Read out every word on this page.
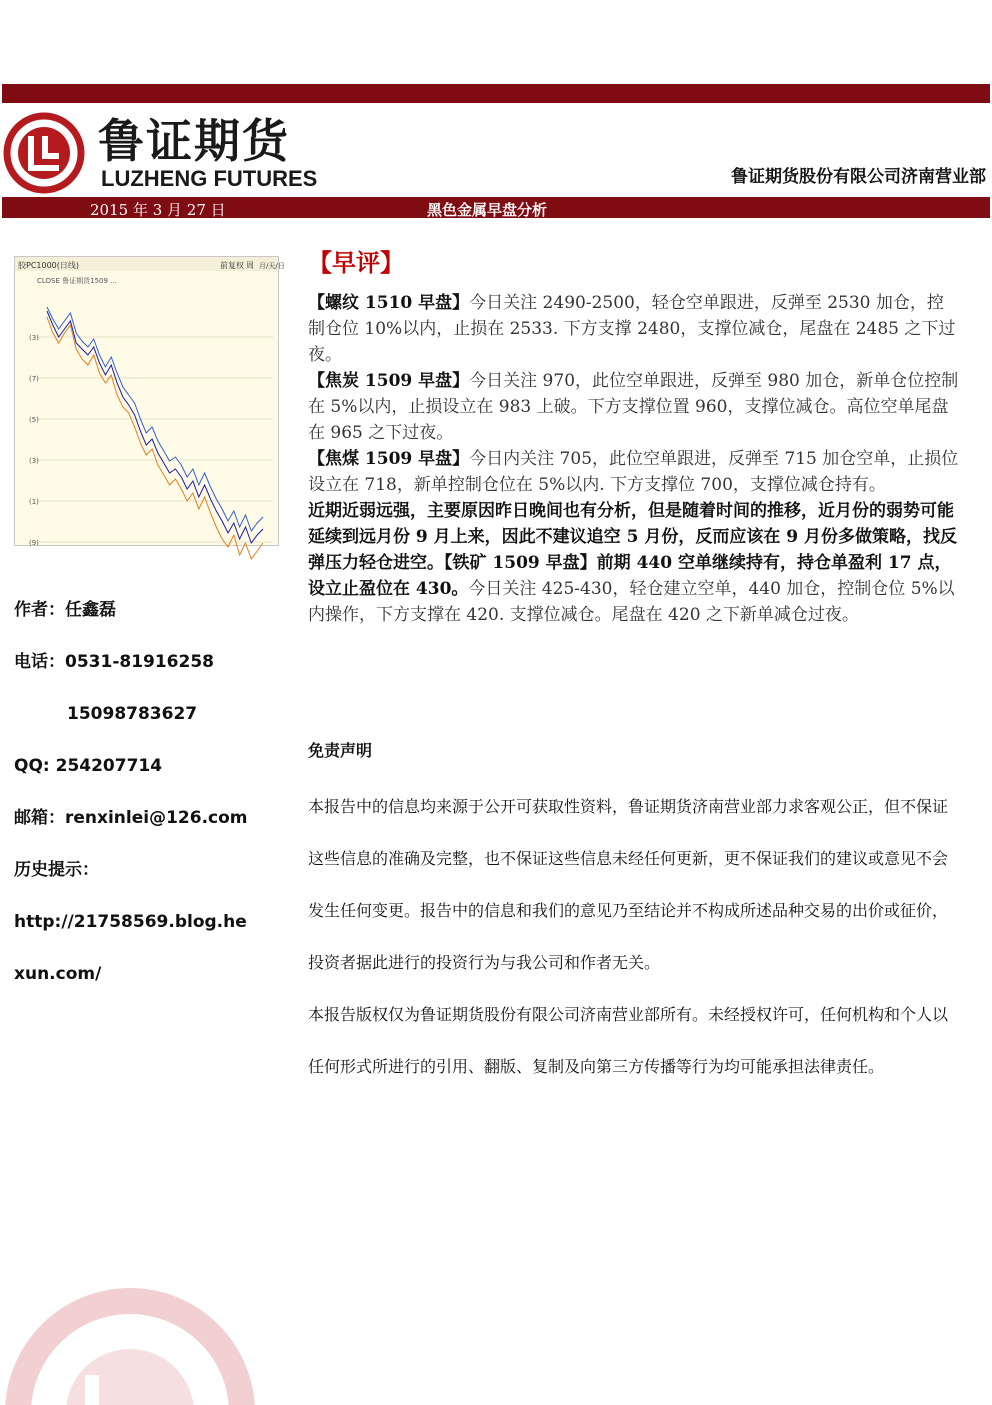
鲁证期货
LUZHENG FUTURES	鲁证期货股份有限公司济南营业部
2015 年 3 月 27 日	黑色金属早盘分析
胶PC1000(日线)	前复权 周 月/天/日
CLOSE 鲁证期货1509 ...
(3)
(7)
(5)
(3)
(1)
(9)
作者：任鑫磊
电话：0531-81916258
15098783627
QQ: 254207714
邮箱：renxinlei@126.com
历史提示：
http://21758569.blog.he
xun.com/
【早评】

【螺纹 1510 早盘】今日关注 2490-2500，轻仓空单跟进，反弹至 2530 加仓，控制仓位 10%以内，止损在 2533. 下方支撑 2480，支撑位减仓，尾盘在 2485 之下过夜。

【焦炭 1509 早盘】今日关注 970，此位空单跟进，反弹至 980 加仓，新单仓位控制在 5%以内，止损设立在 983 上破。下方支撑位置 960，支撑位减仓。高位空单尾盘在 965 之下过夜。

【焦煤 1509 早盘】今日内关注 705，此位空单跟进，反弹至 715 加仓空单，止损位设立在 718，新单控制仓位在 5%以内. 下方支撑位 700，支撑位减仓持有。

近期近弱远强，主要原因昨日晚间也有分析，但是随着时间的推移，近月份的弱势可能延续到远月份 9 月上来，因此不建议追空 5 月份，反而应该在 9 月份多做策略，找反弹压力轻仓进空。【铁矿 1509 早盘】前期 440 空单继续持有，持仓单盈利 17 点，设立止盈位在 430。今日关注 425-430，轻仓建立空单，440 加仓，控制仓位 5%以内操作，下方支撑在 420. 支撑位减仓。尾盘在 420 之下新单减仓过夜。

免责声明
本报告中的信息均来源于公开可获取性资料，鲁证期货济南营业部力求客观公正，但不保证这些信息的准确及完整，也不保证这些信息未经任何更新，更不保证我们的建议或意见不会发生任何变更。报告中的信息和我们的意见乃至结论并不构成所述品种交易的出价或征价，投资者据此进行的投资行为与我公司和作者无关。
本报告版权仅为鲁证期货股份有限公司济南营业部所有。未经授权许可，任何机构和个人以任何形式所进行的引用、翻版、复制及向第三方传播等行为均可能承担法律责任。
